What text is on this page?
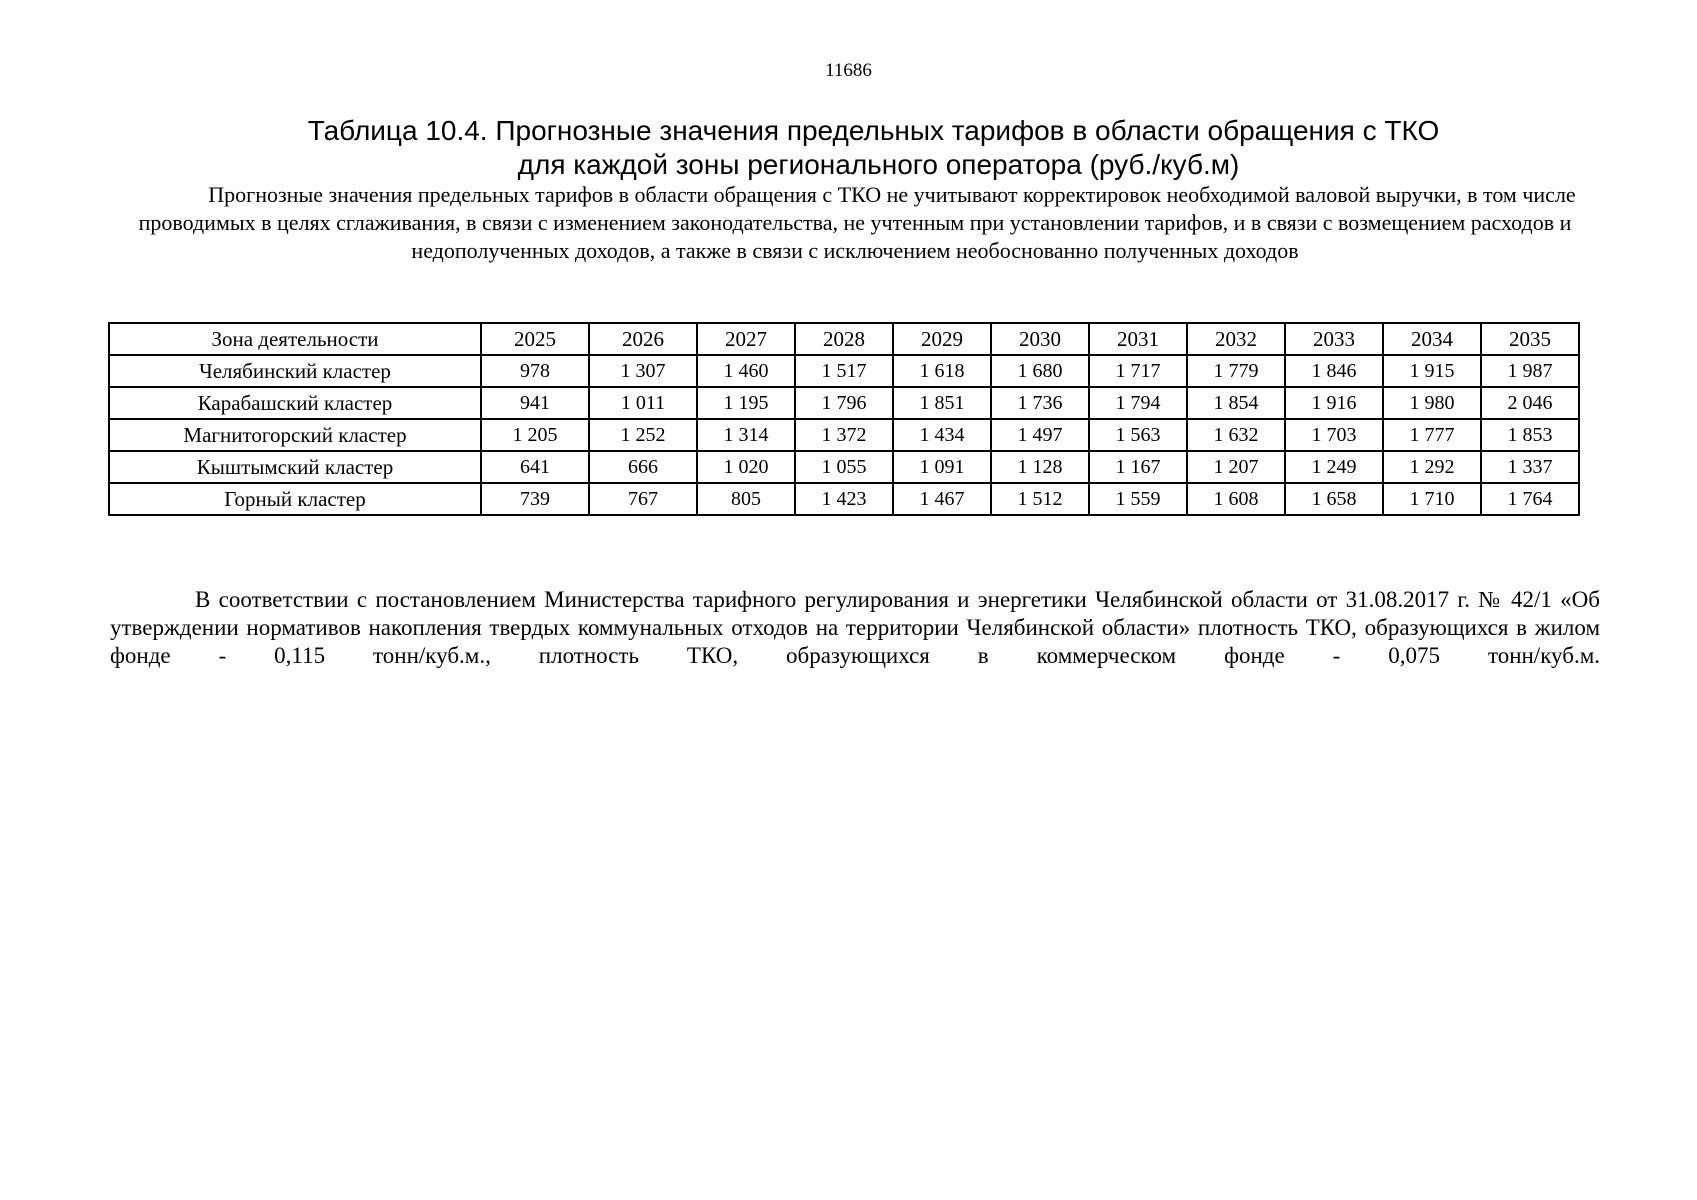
11686
Таблица 10.4. Прогнозные значения предельных тарифов в области обращения с ТКО
для каждой зоны регионального оператора (руб./куб.м)
Прогнозные значения предельных тарифов в области обращения с ТКО не учитывают корректировок необходимой валовой выручки, в том числе проводимых в целях сглаживания, в связи с изменением законодательства, не учтенным при установлении тарифов, и в связи с возмещением расходов и недополученных доходов, а также в связи с исключением необоснованно полученных доходов
Зона деятельности	2025	2026	2027	2028	2029	2030	2031	2032	2033	2034	2035
Челябинский кластер	978	1 307	1 460	1 517	1 618	1 680	1 717	1 779	1 846	1 915	1 987
Карабашский кластер	941	1 011	1 195	1 796	1 851	1 736	1 794	1 854	1 916	1 980	2 046
Магнитогорский кластер	1 205	1 252	1 314	1 372	1 434	1 497	1 563	1 632	1 703	1 777	1 853
Кыштымский кластер	641	666	1 020	1 055	1 091	1 128	1 167	1 207	1 249	1 292	1 337
Горный кластер	739	767	805	1 423	1 467	1 512	1 559	1 608	1 658	1 710	1 764
В соответствии с постановлением Министерства тарифного регулирования и энергетики Челябинской области от 31.08.2017 г. № 42/1 «Об утверждении нормативов накопления твердых коммунальных отходов на территории Челябинской области» плотность ТКО, образующихся в жилом фонде - 0,115 тонн/куб.м., плотность ТКО, образующихся в коммерческом фонде - 0,075 тонн/куб.м.
